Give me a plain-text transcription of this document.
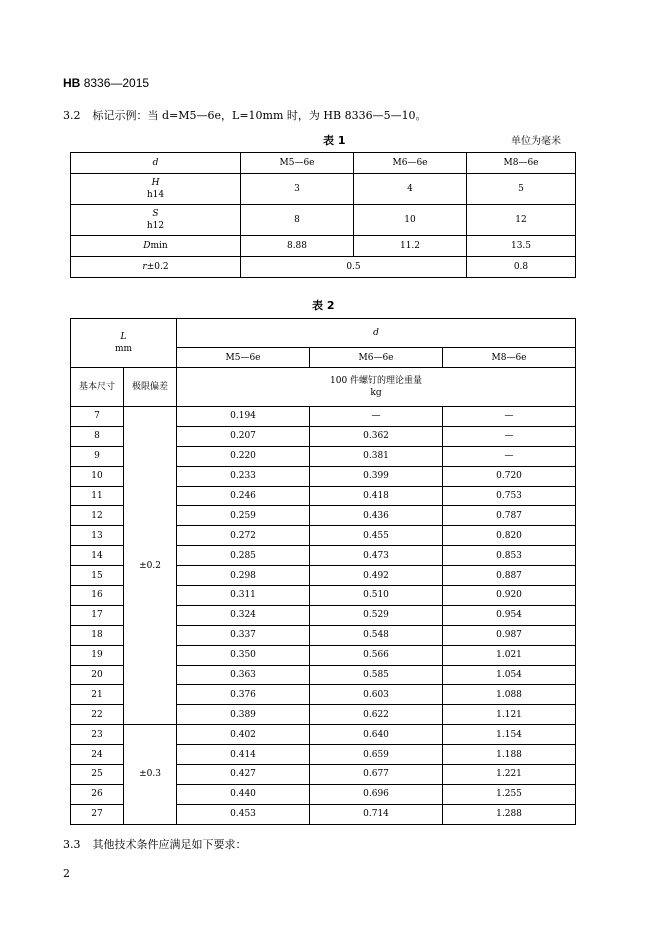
HB 8336—2015
3.2 标记示例：当 d=M5—6e，L=10mm 时，为 HB 8336—5—10。
表 1	单位为毫米
d	M5—6e	M6—6e	M8—6e
H
h14	3	4	5
S
h12	8	10	12
Dmin	8.88	11.2	13.5
r±0.2	0.5		0.8
表 2
L
mm		d		
		M5—6e	M6—6e	M8—6e
基本尺寸	极限偏差	100 件螺钉的理论重量
kg		
7	±0.2	0.194	—	—
8		0.207	0.362	—
9		0.220	0.381	—
10		0.233	0.399	0.720
11		0.246	0.418	0.753
12		0.259	0.436	0.787
13		0.272	0.455	0.820
14		0.285	0.473	0.853
15		0.298	0.492	0.887
16		0.311	0.510	0.920
17		0.324	0.529	0.954
18		0.337	0.548	0.987
19		0.350	0.566	1.021
20		0.363	0.585	1.054
21		0.376	0.603	1.088
22		0.389	0.622	1.121
23	±0.3	0.402	0.640	1.154
24		0.414	0.659	1.188
25		0.427	0.677	1.221
26		0.440	0.696	1.255
27		0.453	0.714	1.288
3.3 其他技术条件应满足如下要求：
2
